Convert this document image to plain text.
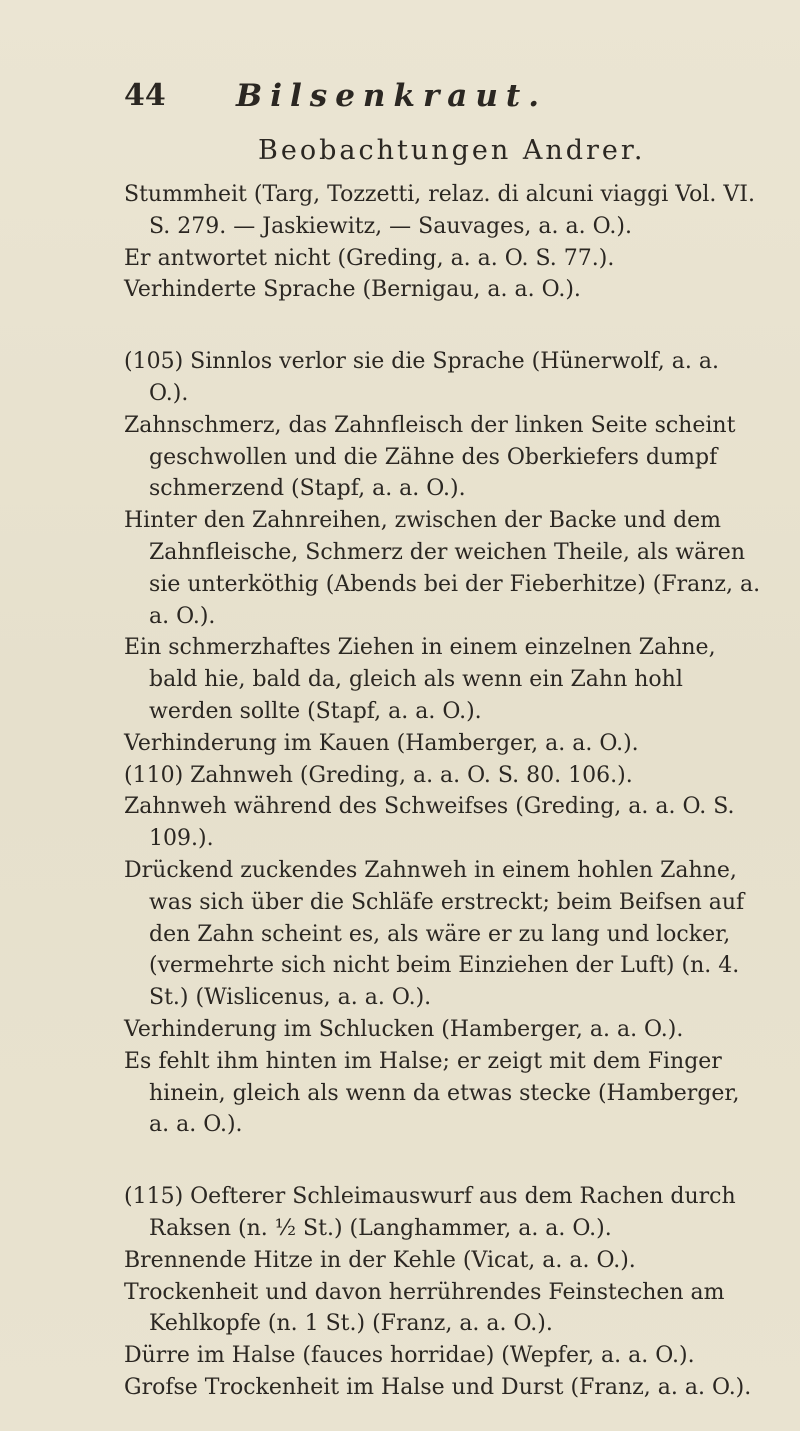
44 Bilsenkraut.
Beobachtungen Andrer.

Stummheit (Targ, Tozzetti, relaz. di alcuni viaggi Vol. VI. S. 279. — Jaskiewitz, — Sauvages, a. a. O.).

Er antwortet nicht (Greding, a. a. O. S. 77.).

Verhinderte Sprache (Bernigau, a. a. O.).

(105) Sinnlos verlor sie die Sprache (Hünerwolf, a. a. O.).

Zahnschmerz, das Zahnfleisch der linken Seite scheint geschwollen und die Zähne des Oberkiefers dumpf schmerzend (Stapf, a. a. O.).

Hinter den Zahnreihen, zwischen der Backe und dem Zahnfleische, Schmerz der weichen Theile, als wären sie unterköthig (Abends bei der Fieberhitze) (Franz, a. a. O.).

Ein schmerzhaftes Ziehen in einem einzelnen Zahne, bald hie, bald da, gleich als wenn ein Zahn hohl werden sollte (Stapf, a. a. O.).

Verhinderung im Kauen (Hamberger, a. a. O.).

(110) Zahnweh (Greding, a. a. O. S. 80. 106.).

Zahnweh während des Schweifses (Greding, a. a. O. S. 109.).

Drückend zuckendes Zahnweh in einem hohlen Zahne, was sich über die Schläfe erstreckt; beim Beifsen auf den Zahn scheint es, als wäre er zu lang und locker, (vermehrte sich nicht beim Einziehen der Luft) (n. 4. St.) (Wislicenus, a. a. O.).

Verhinderung im Schlucken (Hamberger, a. a. O.).

Es fehlt ihm hinten im Halse; er zeigt mit dem Finger hinein, gleich als wenn da etwas stecke (Hamberger, a. a. O.).

(115) Oefterer Schleimauswurf aus dem Rachen durch Raksen (n. ½ St.) (Langhammer, a. a. O.).

Brennende Hitze in der Kehle (Vicat, a. a. O.).

Trockenheit und davon herrührendes Feinstechen am Kehlkopfe (n. 1 St.) (Franz, a. a. O.).

Dürre im Halse (fauces horridae) (Wepfer, a. a. O.).

Grofse Trockenheit im Halse und Durst (Franz, a. a. O.).
